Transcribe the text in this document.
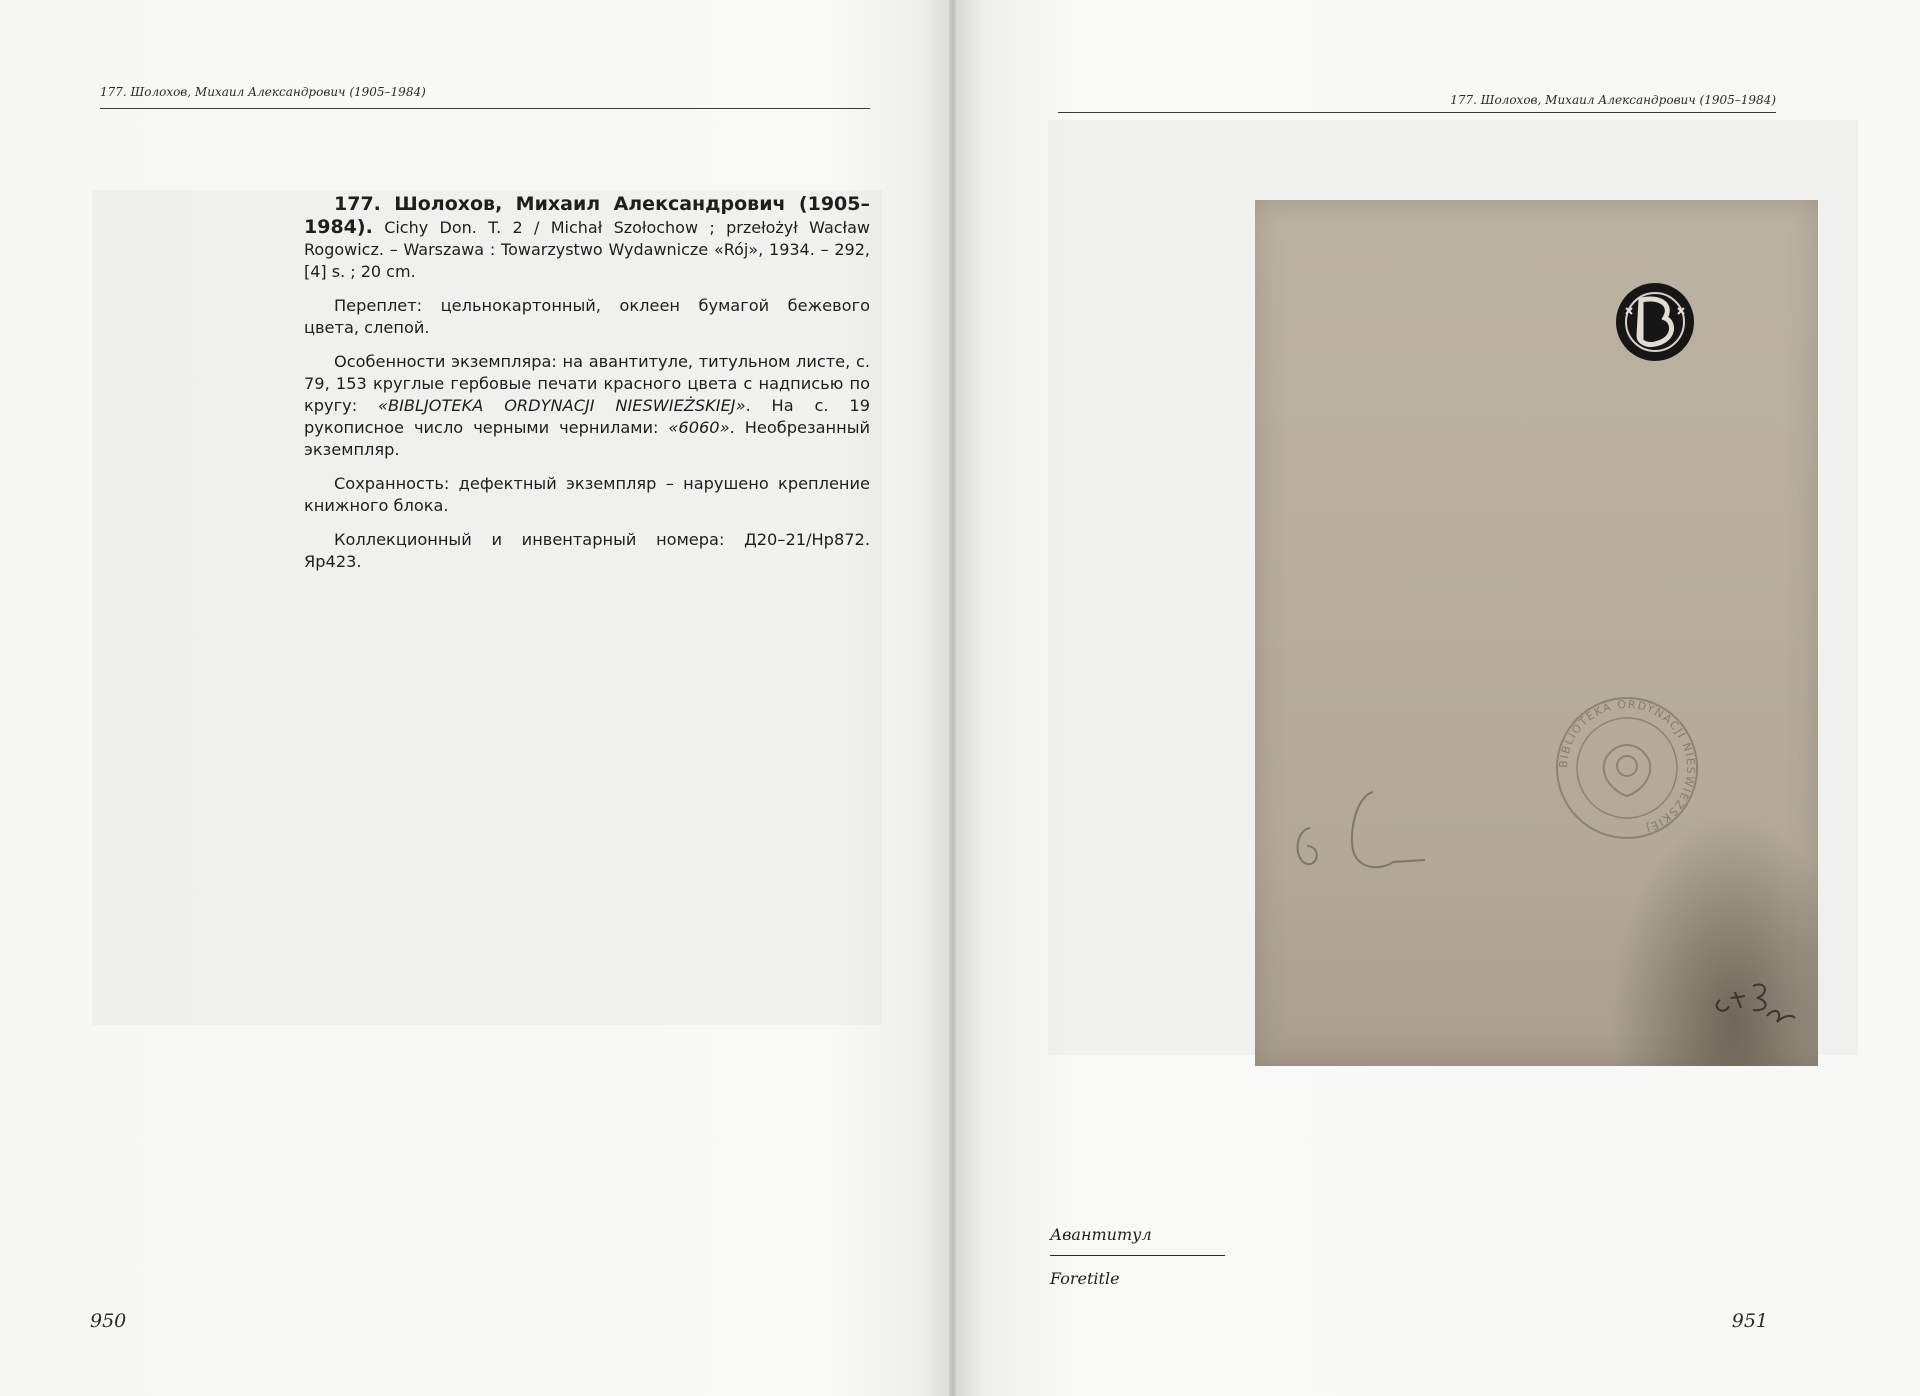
177. Шолохов, Михаил Александрович (1905–1984)

177. Шолохов, Михаил Александрович (1905–1984). Cichy Don. T. 2 / Michał Szołochow ; przełożył Wacław Rogowicz. – Warszawa : Towarzystwo Wydawnicze «Rój», 1934. – 292, [4] s. ; 20 cm.

Переплет: цельнокартонный, оклеен бумагой бежевого цвета, слепой.

Особенности экземпляра: на авантитуле, титульном листе, с. 79, 153 круглые гербовые печати красного цвета с надписью по кругу: «BIBLJOTEKA ORDYNACJI NIESWIEŻSKIEJ». На с. 19 рукописное число черными чернилами: «6060». Необрезанный экземпляр.

Сохранность: дефектный экземпляр – нарушено крепление книжного блока.

Коллекционный и инвентарный номера: Д20–21/Нр872. Яр423.

950
177. Шолохов, Михаил Александрович (1905–1984)
Авантитул
Foretitle
951
BIBLIOTEKA ORDYNACJI NIESWIEŻSKIEJ
